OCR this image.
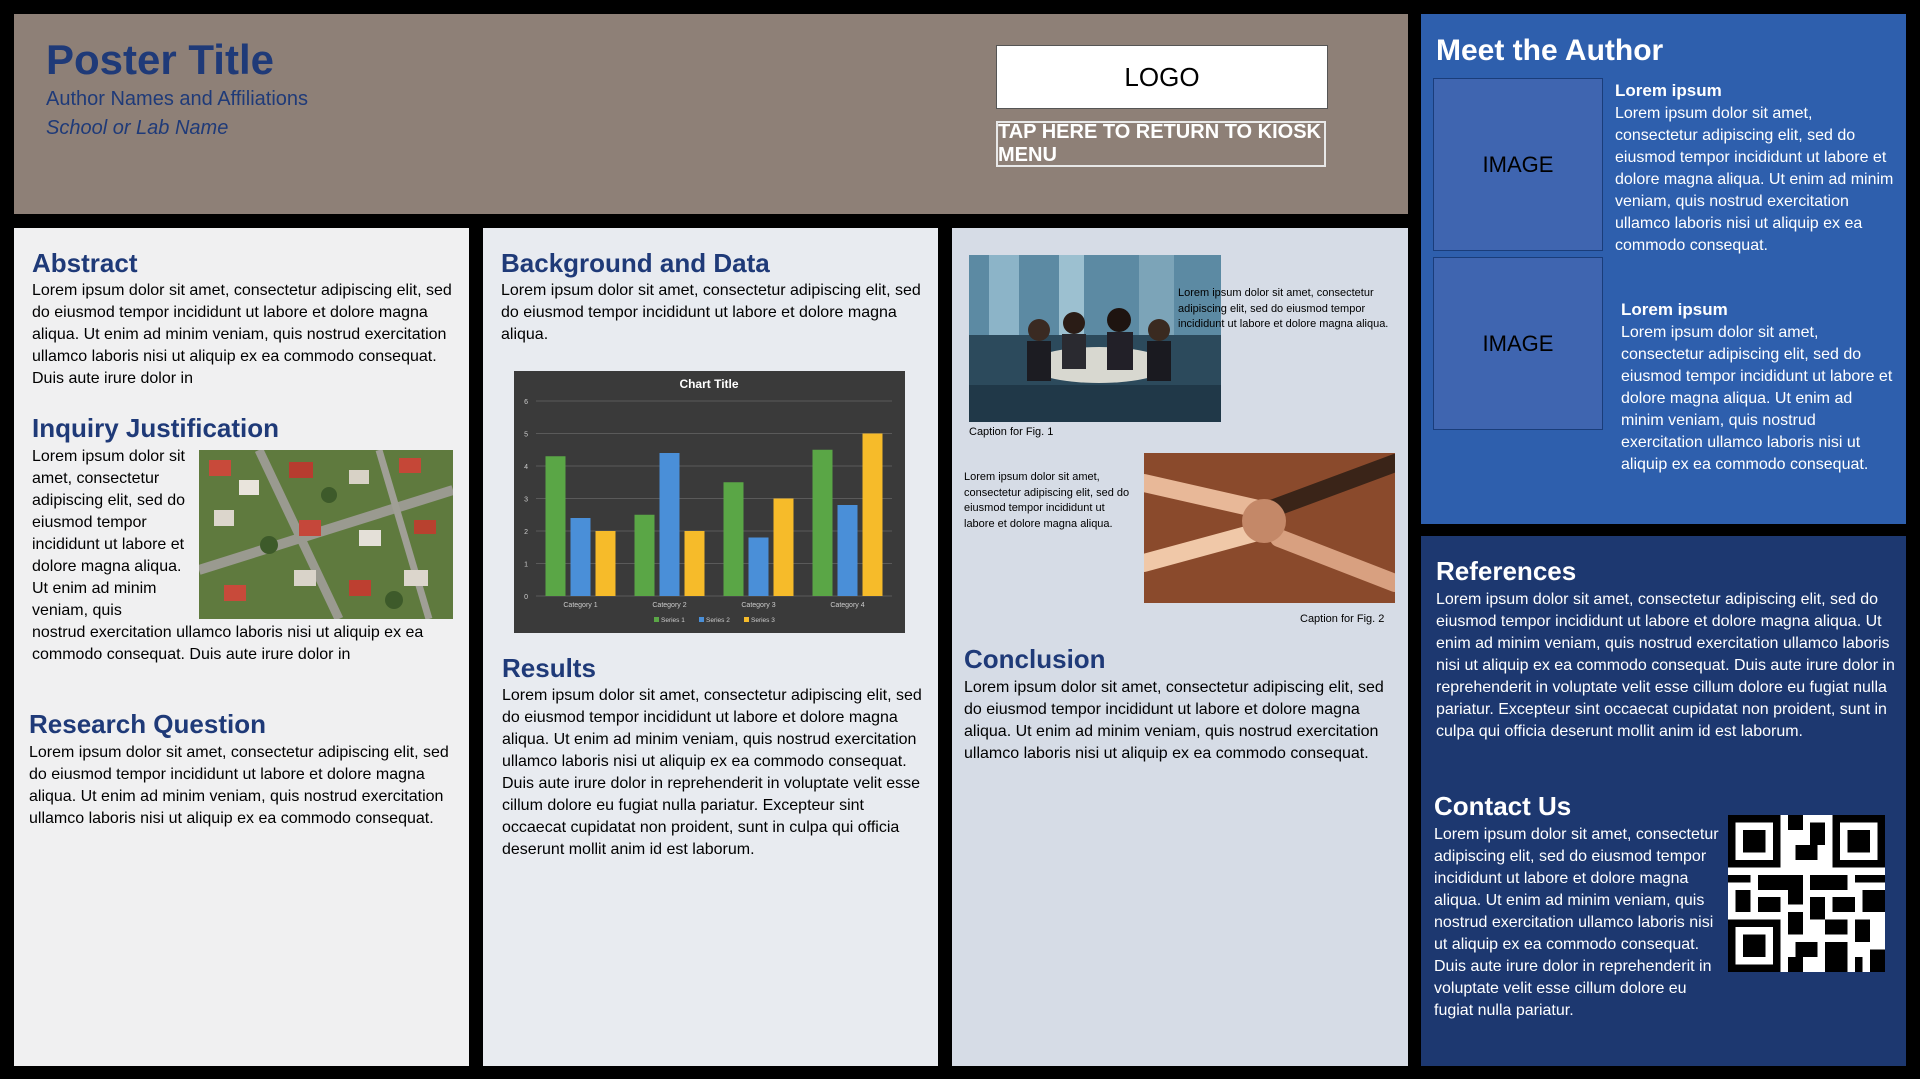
Poster Title
Author Names and Affiliations
School or Lab Name
LOGO
TAP HERE TO RETURN TO KIOSK MENU
Abstract
Lorem ipsum dolor sit amet, consectetur adipiscing elit, sed do eiusmod tempor incididunt ut labore et dolore magna aliqua. Ut enim ad minim veniam, quis nostrud exercitation ullamco laboris nisi ut aliquip ex ea commodo consequat. Duis aute irure dolor in
Inquiry Justification
Lorem ipsum dolor sit amet, consectetur adipiscing elit, sed do eiusmod tempor incididunt ut labore et dolore magna aliqua. Ut enim ad minim veniam, quis
nostrud exercitation ullamco laboris nisi ut aliquip ex ea commodo consequat. Duis aute irure dolor in
Research Question
Lorem ipsum dolor sit amet, consectetur adipiscing elit, sed do eiusmod tempor incididunt ut labore et dolore magna aliqua. Ut enim ad minim veniam, quis nostrud exercitation ullamco laboris nisi ut aliquip ex ea commodo consequat.
Background and Data
Lorem ipsum dolor sit amet, consectetur adipiscing elit, sed do eiusmod tempor incididunt ut labore et dolore magna aliqua.
Chart Title
0
1
2
3
4
5
6
Category 1	Category 2	Category 3	Category 4
Series 1	Series 2	Series 3
Results
Lorem ipsum dolor sit amet, consectetur adipiscing elit, sed do eiusmod tempor incididunt ut labore et dolore magna aliqua. Ut enim ad minim veniam, quis nostrud exercitation ullamco laboris nisi ut aliquip ex ea commodo consequat. Duis aute irure dolor in reprehenderit in voluptate velit esse cillum dolore eu fugiat nulla pariatur. Excepteur sint occaecat cupidatat non proident, sunt in culpa qui officia deserunt mollit anim id est laborum.
Lorem ipsum dolor sit amet, consectetur adipiscing elit, sed do eiusmod tempor incididunt ut labore et dolore magna aliqua.
Caption for Fig. 1
Lorem ipsum dolor sit amet, consectetur adipiscing elit, sed do eiusmod tempor incididunt ut labore et dolore magna aliqua.
Caption for Fig. 2
Conclusion
Lorem ipsum dolor sit amet, consectetur adipiscing elit, sed do eiusmod tempor incididunt ut labore et dolore magna aliqua. Ut enim ad minim veniam, quis nostrud exercitation ullamco laboris nisi ut aliquip ex ea commodo consequat.
Meet the Author
IMAGE
Lorem ipsum
Lorem ipsum dolor sit amet, consectetur adipiscing elit, sed do eiusmod tempor incididunt ut labore et dolore magna aliqua. Ut enim ad minim veniam, quis nostrud exercitation ullamco laboris nisi ut aliquip ex ea commodo consequat.
IMAGE
Lorem ipsum
Lorem ipsum dolor sit amet, consectetur adipiscing elit, sed do eiusmod tempor incididunt ut labore et dolore magna aliqua. Ut enim ad minim veniam, quis nostrud exercitation ullamco laboris nisi ut aliquip ex ea commodo consequat.
References
Lorem ipsum dolor sit amet, consectetur adipiscing elit, sed do eiusmod tempor incididunt ut labore et dolore magna aliqua. Ut enim ad minim veniam, quis nostrud exercitation ullamco laboris nisi ut aliquip ex ea commodo consequat. Duis aute irure dolor in reprehenderit in voluptate velit esse cillum dolore eu fugiat nulla pariatur. Excepteur sint occaecat cupidatat non proident, sunt in culpa qui officia deserunt mollit anim id est laborum.
Contact Us
Lorem ipsum dolor sit amet, consectetur adipiscing elit, sed do eiusmod tempor incididunt ut labore et dolore magna aliqua. Ut enim ad minim veniam, quis nostrud exercitation ullamco laboris nisi ut aliquip ex ea commodo consequat. Duis aute irure dolor in reprehenderit in voluptate velit esse cillum dolore eu fugiat nulla pariatur.
